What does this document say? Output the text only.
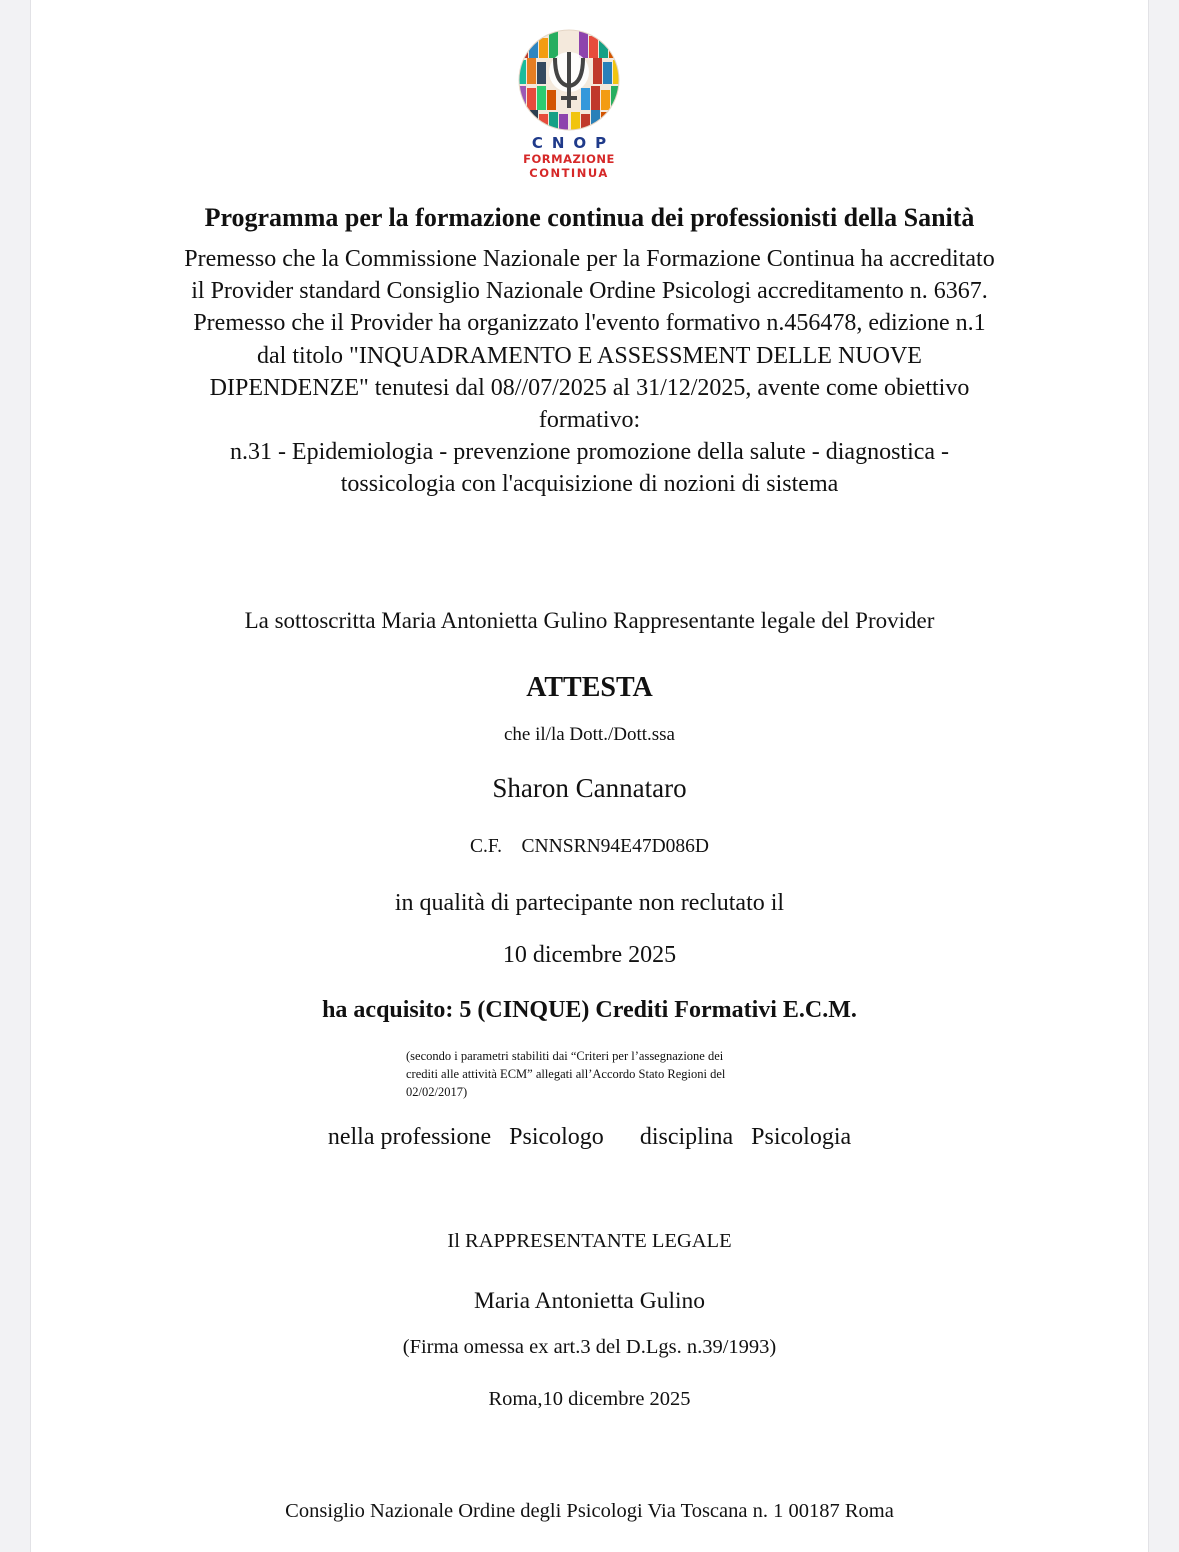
CNOP
FORMAZIONE
CONTINUA
Programma per la formazione continua dei professionisti della Sanità
Premesso che la Commissione Nazionale per la Formazione Continua ha accreditato
il Provider standard Consiglio Nazionale Ordine Psicologi accreditamento n. 6367.
Premesso che il Provider ha organizzato l'evento formativo n.456478, edizione n.1
dal titolo "INQUADRAMENTO E ASSESSMENT DELLE NUOVE
DIPENDENZE" tenutesi dal 08//07/2025 al 31/12/2025, avente come obiettivo
formativo:
n.31 - Epidemiologia - prevenzione promozione della salute - diagnostica -
tossicologia con l'acquisizione di nozioni di sistema
La sottoscritta Maria Antonietta Gulino Rappresentante legale del Provider
ATTESTA
che il/la Dott./Dott.ssa
Sharon Cannataro
C.F. CNNSRN94E47D086D
in qualità di partecipante non reclutato il
10 dicembre 2025
ha acquisito: 5 (CINQUE) Crediti Formativi E.C.M.
(secondo i parametri stabiliti dai “Criteri per l’assegnazione dei
crediti alle attività ECM” allegati all’Accordo Stato Regioni del
02/02/2017)
nella professione Psicologo disciplina Psicologia
Il RAPPRESENTANTE LEGALE
Maria Antonietta Gulino
(Firma omessa ex art.3 del D.Lgs. n.39/1993)
Roma,10 dicembre 2025
Consiglio Nazionale Ordine degli Psicologi Via Toscana n. 1 00187 Roma
